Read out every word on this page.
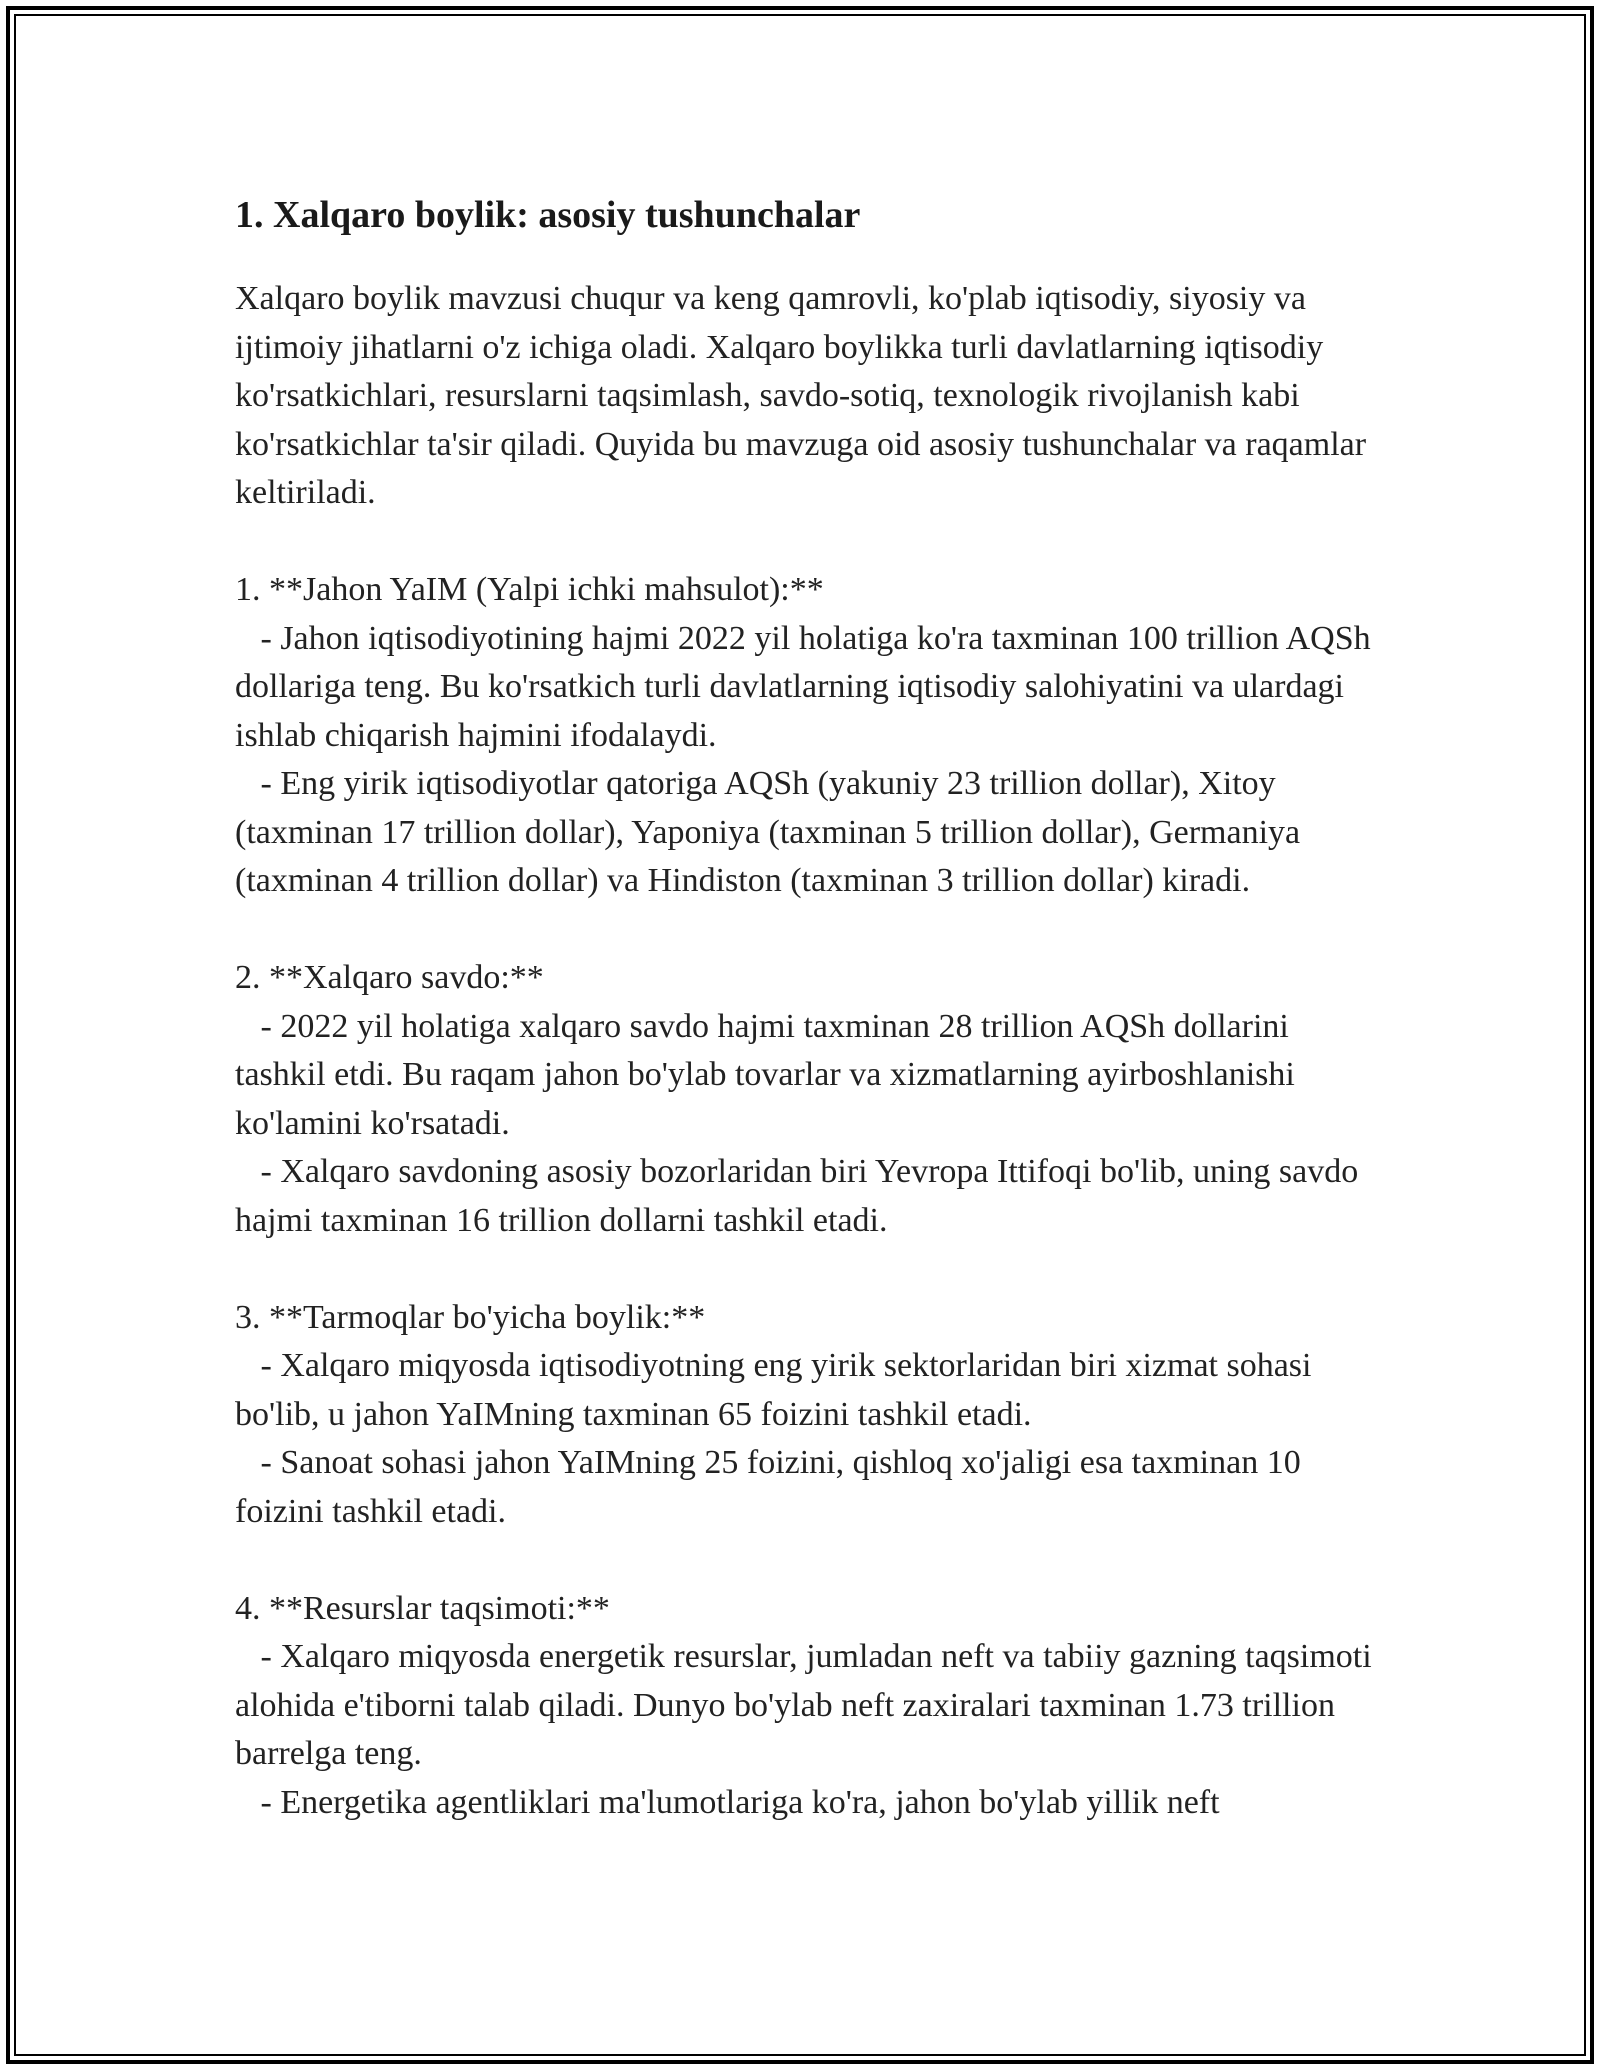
1. Xalqaro boylik: asosiy tushunchalar

Xalqaro boylik mavzusi chuqur va keng qamrovli, ko'plab iqtisodiy, siyosiy va ijtimoiy jihatlarni o'z ichiga oladi. Xalqaro boylikka turli davlatlarning iqtisodiy ko'rsatkichlari, resurslarni taqsimlash, savdo-sotiq, texnologik rivojlanish kabi ko'rsatkichlar ta'sir qiladi. Quyida bu mavzuga oid asosiy tushunchalar va raqamlar keltiriladi.

1. **Jahon YaIM (Yalpi ichki mahsulot):**
- Jahon iqtisodiyotining hajmi 2022 yil holatiga ko'ra taxminan 100 trillion AQSh dollariga teng. Bu ko'rsatkich turli davlatlarning iqtisodiy salohiyatini va ulardagi ishlab chiqarish hajmini ifodalaydi.
- Eng yirik iqtisodiyotlar qatoriga AQSh (yakuniy 23 trillion dollar), Xitoy (taxminan 17 trillion dollar), Yaponiya (taxminan 5 trillion dollar), Germaniya (taxminan 4 trillion dollar) va Hindiston (taxminan 3 trillion dollar) kiradi.
2. **Xalqaro savdo:**
- 2022 yil holatiga xalqaro savdo hajmi taxminan 28 trillion AQSh dollarini tashkil etdi. Bu raqam jahon bo'ylab tovarlar va xizmatlarning ayirboshlanishi ko'lamini ko'rsatadi.
- Xalqaro savdoning asosiy bozorlaridan biri Yevropa Ittifoqi bo'lib, uning savdo hajmi taxminan 16 trillion dollarni tashkil etadi.
3. **Tarmoqlar bo'yicha boylik:**
- Xalqaro miqyosda iqtisodiyotning eng yirik sektorlaridan biri xizmat sohasi bo'lib, u jahon YaIMning taxminan 65 foizini tashkil etadi.
- Sanoat sohasi jahon YaIMning 25 foizini, qishloq xo'jaligi esa taxminan 10 foizini tashkil etadi.
4. **Resurslar taqsimoti:**
- Xalqaro miqyosda energetik resurslar, jumladan neft va tabiiy gazning taqsimoti alohida e'tiborni talab qiladi. Dunyo bo'ylab neft zaxiralari taxminan 1.73 trillion barrelga teng.
- Energetika agentliklari ma'lumotlariga ko'ra, jahon bo'ylab yillik neft
